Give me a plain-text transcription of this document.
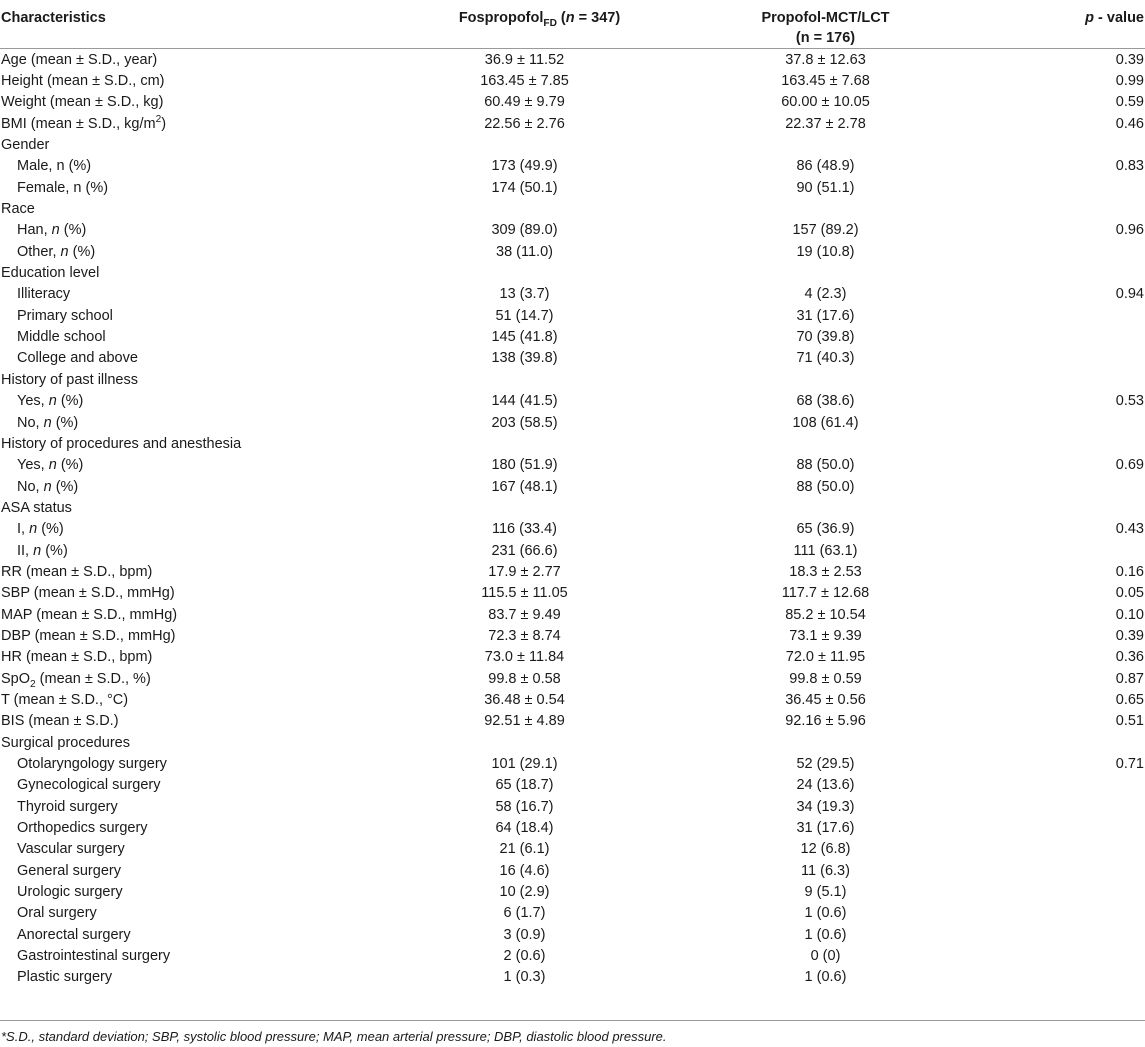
Characteristics	Fospropofol$_{FD}$ (n = 347)	Propofol-MCT/LCT
(n = 176)	p - value
Age (mean ± S.D., year)	36.9 ± 11.52	37.8 ± 12.63	0.39
Height (mean ± S.D., cm)	163.45 ± 7.85	163.45 ± 7.68	0.99
Weight (mean ± S.D., kg)	60.49 ± 9.79	60.00 ± 10.05	0.59
BMI (mean ± S.D., $kg/m^2$)	22.56 ± 2.76	22.37 ± 2.78	0.46
Gender			
Male, n (%)	173 (49.9)	86 (48.9)	0.83
Female, n (%)	174 (50.1)	90 (51.1)	
Race			
Han, n (%)	309 (89.0)	157 (89.2)	0.96
Other, n (%)	38 (11.0)	19 (10.8)	
Education level			
Illiteracy	13 (3.7)	4 (2.3)	0.94
Primary school	51 (14.7)	31 (17.6)	
Middle school	145 (41.8)	70 (39.8)	
College and above	138 (39.8)	71 (40.3)	
History of past illness			
Yes, n (%)	144 (41.5)	68 (38.6)	0.53
No, n (%)	203 (58.5)	108 (61.4)	
History of procedures and anesthesia			
Yes, n (%)	180 (51.9)	88 (50.0)	0.69
No, n (%)	167 (48.1)	88 (50.0)	
ASA status			
I, n (%)	116 (33.4)	65 (36.9)	0.43
II, n (%)	231 (66.6)	111 (63.1)	
RR (mean ± S.D., bpm)	17.9 ± 2.77	18.3 ± 2.53	0.16
SBP (mean ± S.D., mmHg)	115.5 ± 11.05	117.7 ± 12.68	0.05
MAP (mean ± S.D., mmHg)	83.7 ± 9.49	85.2 ± 10.54	0.10
DBP (mean ± S.D., mmHg)	72.3 ± 8.74	73.1 ± 9.39	0.39
HR (mean ± S.D., bpm)	73.0 ± 11.84	72.0 ± 11.95	0.36
SpO$_2$ (mean ± S.D., %)	99.8 ± 0.58	99.8 ± 0.59	0.87
T (mean ± S.D., °C)	36.48 ± 0.54	36.45 ± 0.56	0.65
BIS (mean ± S.D.)	92.51 ± 4.89	92.16 ± 5.96	0.51
Surgical procedures			
Otolaryngology surgery	101 (29.1)	52 (29.5)	0.71
Gynecological surgery	65 (18.7)	24 (13.6)	
Thyroid surgery	58 (16.7)	34 (19.3)	
Orthopedics surgery	64 (18.4)	31 (17.6)	
Vascular surgery	21 (6.1)	12 (6.8)	
General surgery	16 (4.6)	11 (6.3)	
Urologic surgery	10 (2.9)	9 (5.1)	
Oral surgery	6 (1.7)	1 (0.6)	
Anorectal surgery	3 (0.9)	1 (0.6)	
Gastrointestinal surgery	2 (0.6)	0 (0)	
Plastic surgery	1 (0.3)	1 (0.6)	
*S.D., standard deviation; SBP, systolic blood pressure; MAP, mean arterial pressure; DBP, diastolic blood pressure.
